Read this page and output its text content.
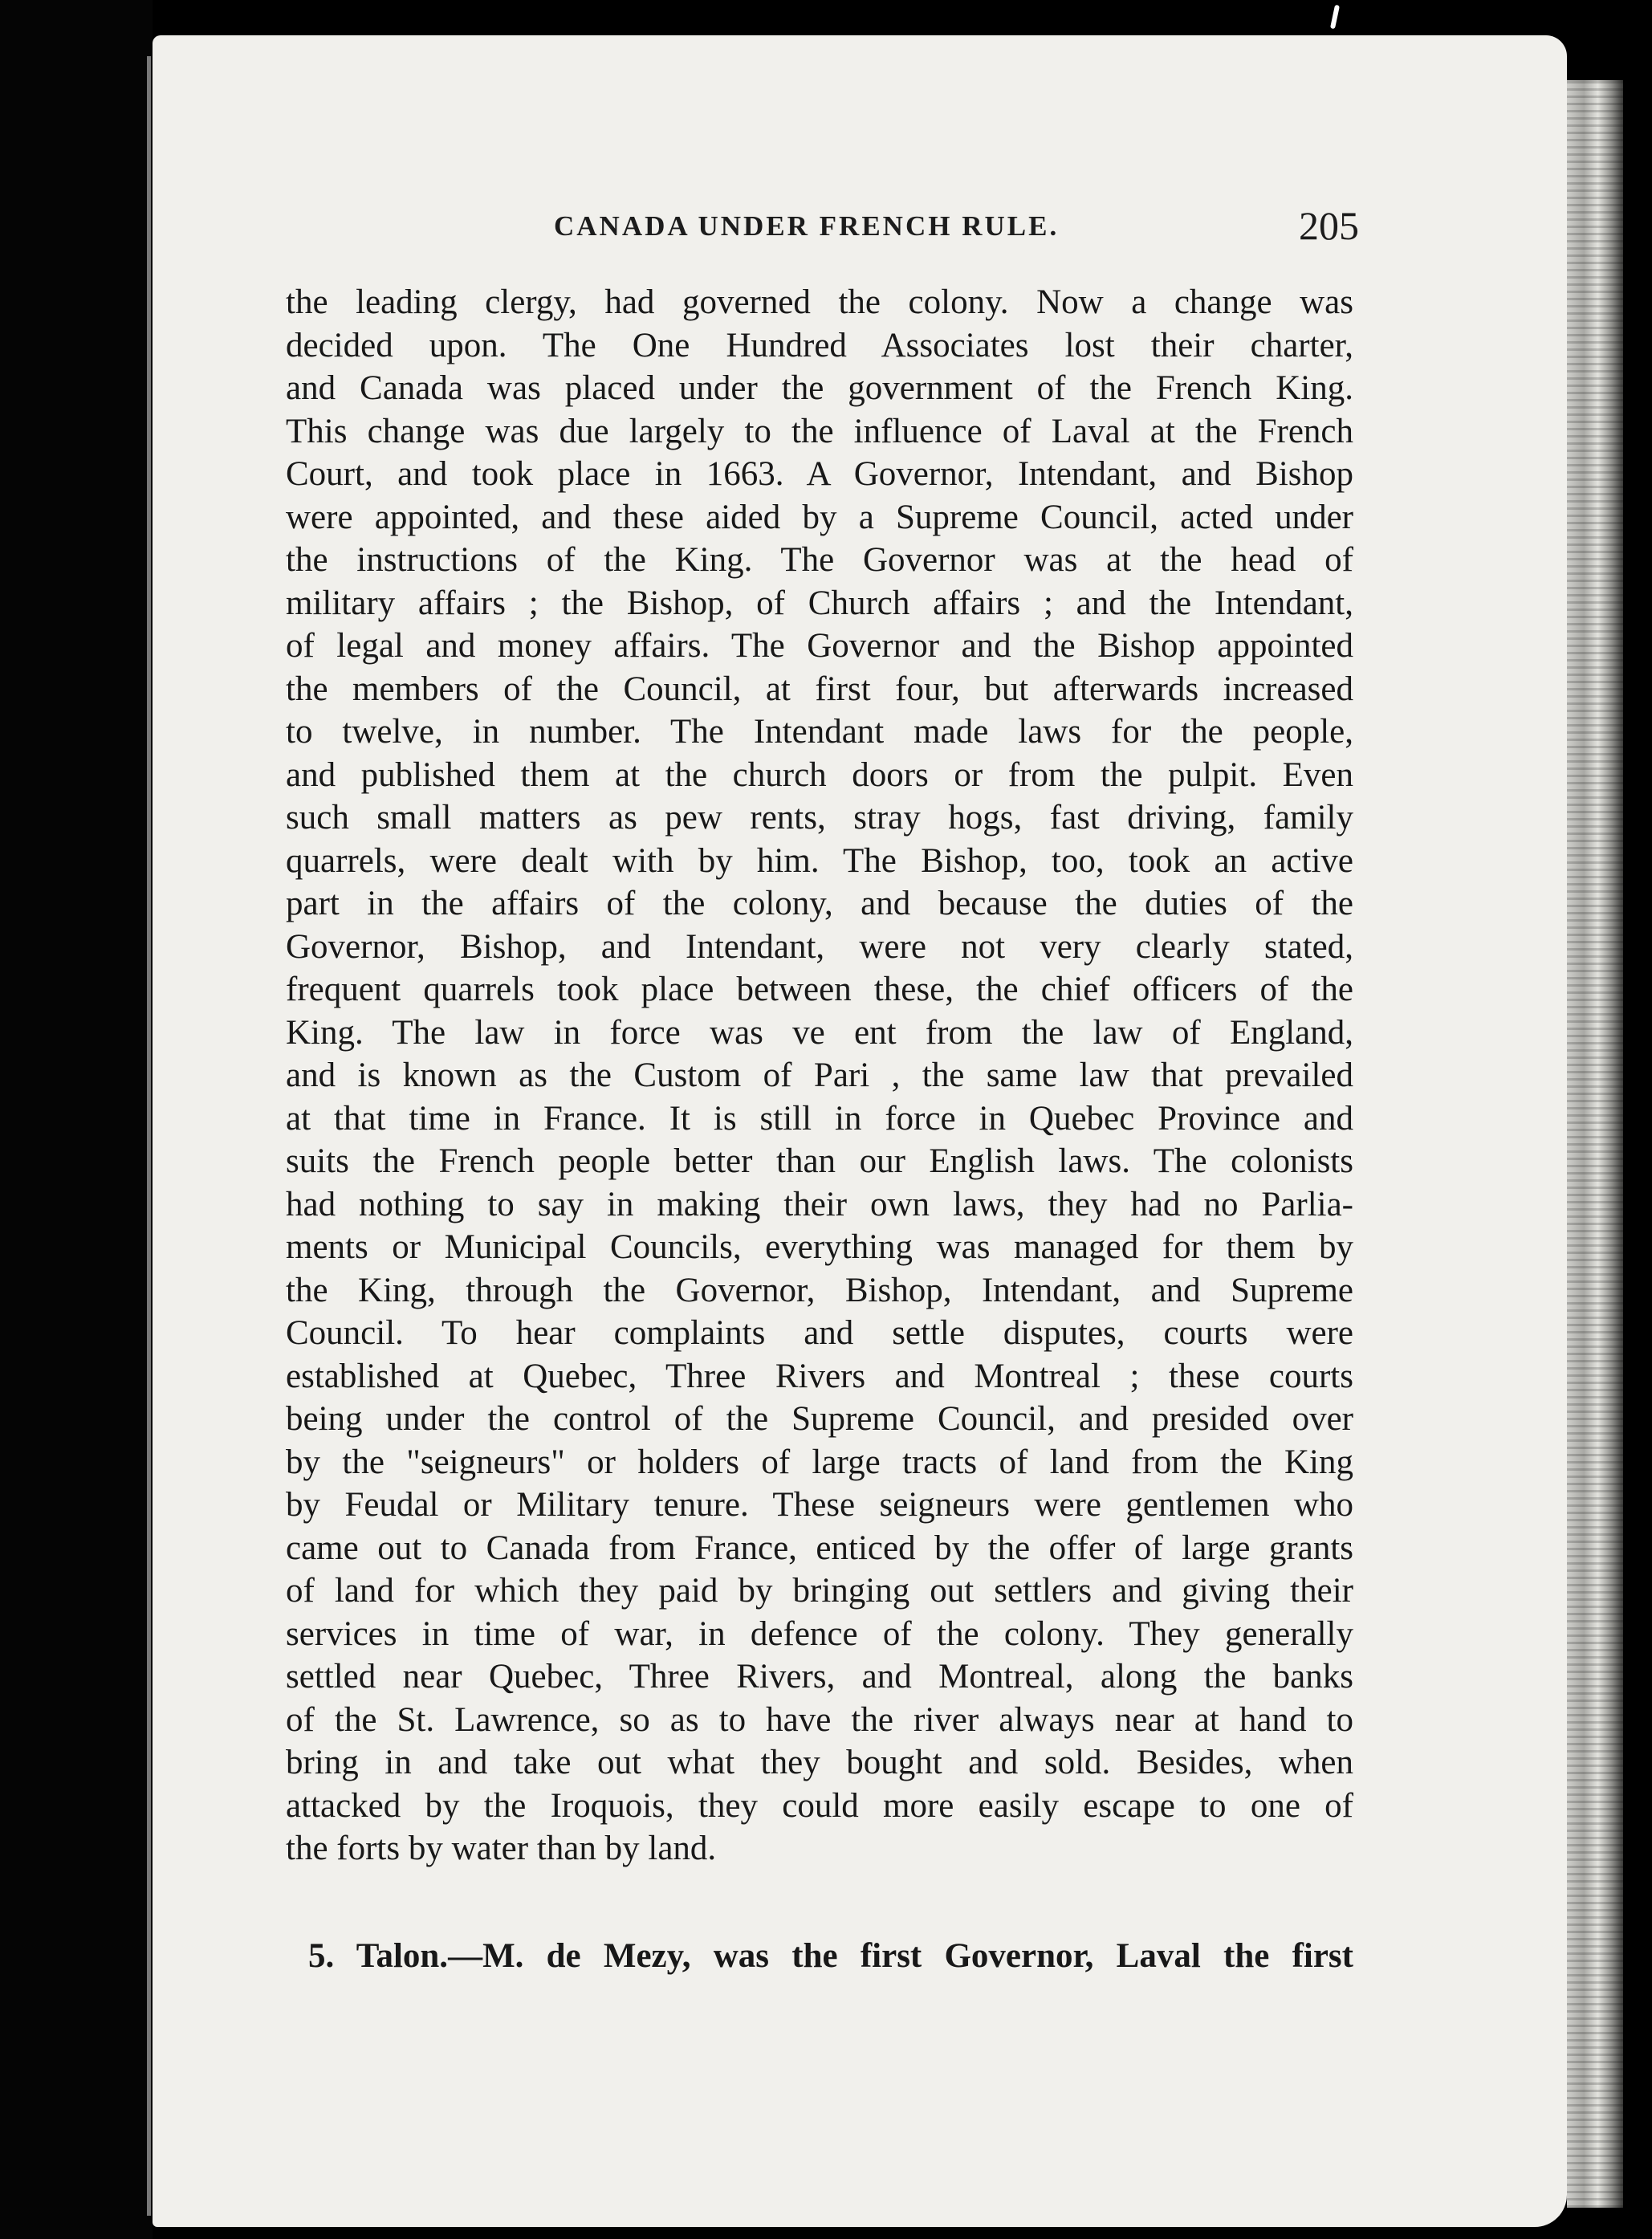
CANADA UNDER FRENCH RULE.	205
the leading clergy, had governed the colony. Now a change was
decided upon. The One Hundred Associates lost their charter,
and Canada was placed under the government of the French King.
This change was due largely to the influence of Laval at the French
Court, and took place in 1663. A Governor, Intendant, and Bishop
were appointed, and these aided by a Supreme Council, acted under
the instructions of the King. The Governor was at the head of
military affairs ; the Bishop, of Church affairs ; and the Intendant,
of legal and money affairs. The Governor and the Bishop appointed
the members of the Council, at first four, but afterwards increased
to twelve, in number. The Intendant made laws for the people,
and published them at the church doors or from the pulpit. Even
such small matters as pew rents, stray hogs, fast driving, family
quarrels, were dealt with by him. The Bishop, too, took an active
part in the affairs of the colony, and because the duties of the
Governor, Bishop, and Intendant, were not very clearly stated,
frequent quarrels took place between these, the chief officers of the
King. The law in force was ve ent from the law of England,
and is known as the Custom of Pari , the same law that prevailed
at that time in France. It is still in force in Quebec Province and
suits the French people better than our English laws. The colonists
had nothing to say in making their own laws, they had no Parlia-
ments or Municipal Councils, everything was managed for them by
the King, through the Governor, Bishop, Intendant, and Supreme
Council. To hear complaints and settle disputes, courts were
established at Quebec, Three Rivers and Montreal ; these courts
being under the control of the Supreme Council, and presided over
by the "seigneurs" or holders of large tracts of land from the King
by Feudal or Military tenure. These seigneurs were gentlemen who
came out to Canada from France, enticed by the offer of large grants
of land for which they paid by bringing out settlers and giving their
services in time of war, in defence of the colony. They generally
settled near Quebec, Three Rivers, and Montreal, along the banks
of the St. Lawrence, so as to have the river always near at hand to
bring in and take out what they bought and sold. Besides, when
attacked by the Iroquois, they could more easily escape to one of
the forts by water than by land.
5. Talon.—M. de Mezy, was the first Governor, Laval the first
